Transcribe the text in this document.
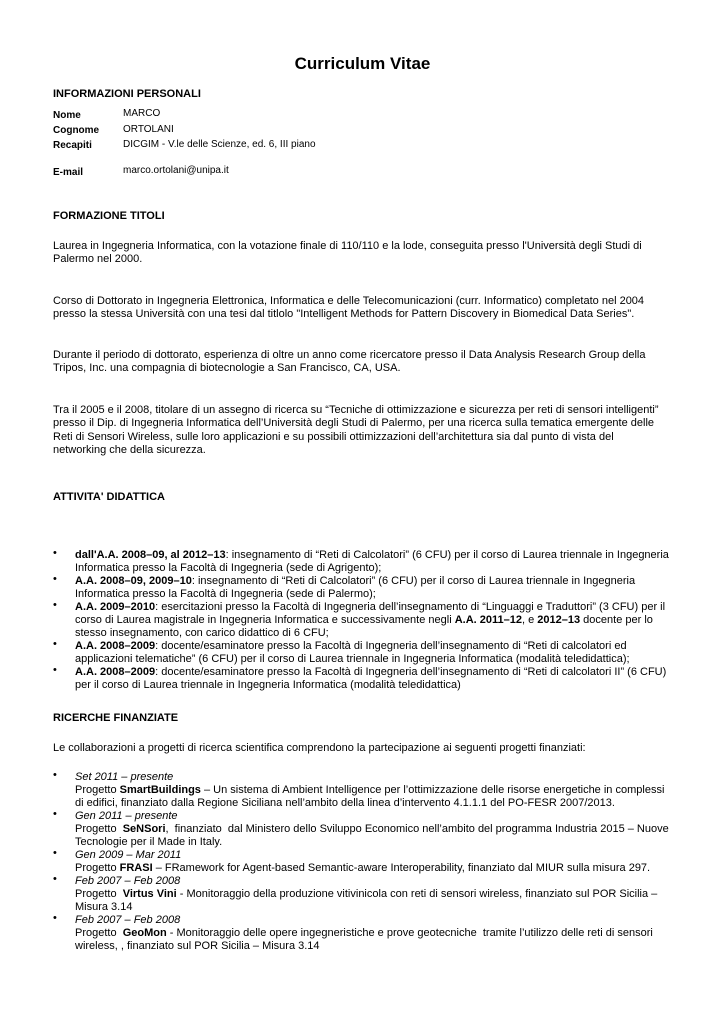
Curriculum Vitae
INFORMAZIONI PERSONALI
Nome	MARCO
Cognome ORTOLANI
Recapiti	DICGIM - V.le delle Scienze, ed. 6, III piano
E-mail	marco.ortolani@unipa.it
FORMAZIONE TITOLI
Laurea in Ingegneria Informatica, con la votazione finale di 110/110 e la lode, conseguita presso l'Università degli Studi di Palermo nel 2000.
Corso di Dottorato in Ingegneria Elettronica, Informatica e delle Telecomunicazioni (curr. Informatico) completato nel 2004 presso la stessa Università con una tesi dal titlolo "Intelligent Methods for Pattern Discovery in Biomedical Data Series".
Durante il periodo di dottorato, esperienza di oltre un anno come ricercatore presso il Data Analysis Research Group della Tripos, Inc. una compagnia di biotecnologie a San Francisco, CA, USA.
Tra il 2005 e il 2008, titolare di un assegno di ricerca su “Tecniche di ottimizzazione e sicurezza per reti di sensori intelligenti” presso il Dip. di Ingegneria Informatica dell’Università degli Studi di Palermo, per una ricerca sulla tematica emergente delle Reti di Sensori Wireless, sulle loro applicazioni e su possibili ottimizzazioni dell’architettura sia dal punto di vista del networking che della sicurezza.
ATTIVITA' DIDATTICA
• dall'A.A. 2008–09, al 2012–13: insegnamento di “Reti di Calcolatori” (6 CFU) per il corso di Laurea triennale in Ingegneria Informatica presso la Facoltà di Ingegneria (sede di Agrigento);
• A.A. 2008–09, 2009–10: insegnamento di “Reti di Calcolatori” (6 CFU) per il corso di Laurea triennale in Ingegneria Informatica presso la Facoltà di Ingegneria (sede di Palermo);
• A.A. 2009–2010: esercitazioni presso la Facoltà di Ingegneria dell’insegnamento di “Linguaggi e Traduttori” (3 CFU) per il corso di Laurea magistrale in Ingegneria Informatica e successivamente negli A.A. 2011–12, e 2012–13 docente per lo stesso insegnamento, con carico didattico di 6 CFU;
• A.A. 2008–2009: docente/esaminatore presso la Facoltà di Ingegneria dell’insegnamento di “Reti di calcolatori ed applicazioni telematiche” (6 CFU) per il corso di Laurea triennale in Ingegneria Informatica (modalità teledidattica);
• A.A. 2008–2009: docente/esaminatore presso la Facoltà di Ingegneria dell’insegnamento di “Reti di calcolatori II” (6 CFU) per il corso di Laurea triennale in Ingegneria Informatica (modalità teledidattica)
RICERCHE FINANZIATE
Le collaborazioni a progetti di ricerca scientifica comprendono la partecipazione ai seguenti progetti finanziati:
• Set 2011 – presente
Progetto SmartBuildings – Un sistema di Ambient Intelligence per l’ottimizzazione delle risorse energetiche in complessi di edifici, finanziato dalla Regione Siciliana nell’ambito della linea d’intervento 4.1.1.1 del PO-FESR 2007/2013.
• Gen 2011 – presente
Progetto  SeNSori,  finanziato  dal Ministero dello Sviluppo Economico nell’ambito del programma Industria 2015 – Nuove Tecnologie per il Made in Italy.
• Gen 2009 – Mar 2011
Progetto FRASI – FRamework for Agent-based Semantic-aware Interoperability, finanziato dal MIUR sulla misura 297.
• Feb 2007 – Feb 2008
Progetto  Virtus Vini - Monitoraggio della produzione vitivinicola con reti di sensori wireless, finanziato sul POR Sicilia – Misura 3.14
• Feb 2007 – Feb 2008
Progetto  GeoMon - Monitoraggio delle opere ingegneristiche e prove geotecniche  tramite l’utilizzo delle reti di sensori wireless, , finanziato sul POR Sicilia – Misura 3.14
